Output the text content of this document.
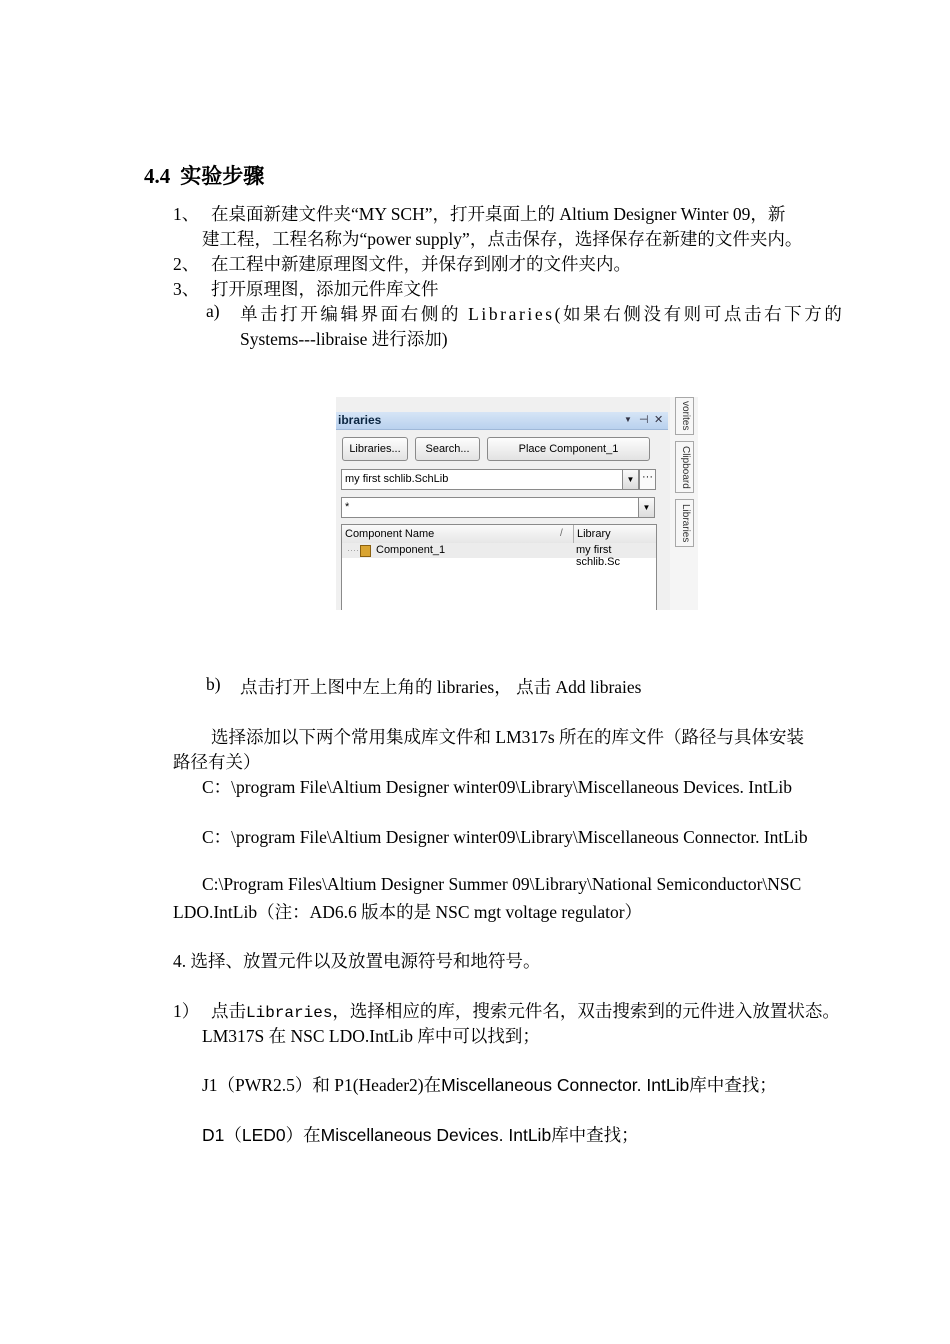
4.4 实验步骤
1、 在桌面新建文件夹“MY SCH”，打开桌面上的 Altium Designer Winter 09，新
建工程，工程名称为“power supply”，点击保存，选择保存在新建的文件夹内。
2、 在工程中新建原理图文件，并保存到刚才的文件夹内。
3、 打开原理图，添加元件库文件
a) 单击打开编辑界面右侧的 Libraries(如果右侧没有则可点击右下方的
Systems---libraise 进行添加)
ibraries	▼ ⊣ ✕
Libraries...	Search...	Place Component_1
my first schlib.SchLib	▼ ···
*	▼
Component Name	/ Library
···· Component_1	my first schlib.Sc
vorites
Clipboard
Libraries
b) 点击打开上图中左上角的 libraries， 点击 Add libraies
选择添加以下两个常用集成库文件和 LM317s 所在的库文件（路径与具体安装
路径有关）
C：\program File\Altium Designer winter09\Library\Miscellaneous Devices. IntLib
C：\program File\Altium Designer winter09\Library\Miscellaneous Connector. IntLib
C:\Program Files\Altium Designer Summer 09\Library\National Semiconductor\NSC
LDO.IntLib（注：AD6.6 版本的是 NSC mgt voltage regulator）
4. 选择、放置元件以及放置电源符号和地符号。
1） 点击Libraries，选择相应的库，搜索元件名，双击搜索到的元件进入放置状态。
LM317S 在 NSC LDO.IntLib 库中可以找到；
J1（PWR2.5）和 P1(Header2)在Miscellaneous Connector. IntLib库中查找；
D1（LED0）在Miscellaneous Devices. IntLib库中查找；
